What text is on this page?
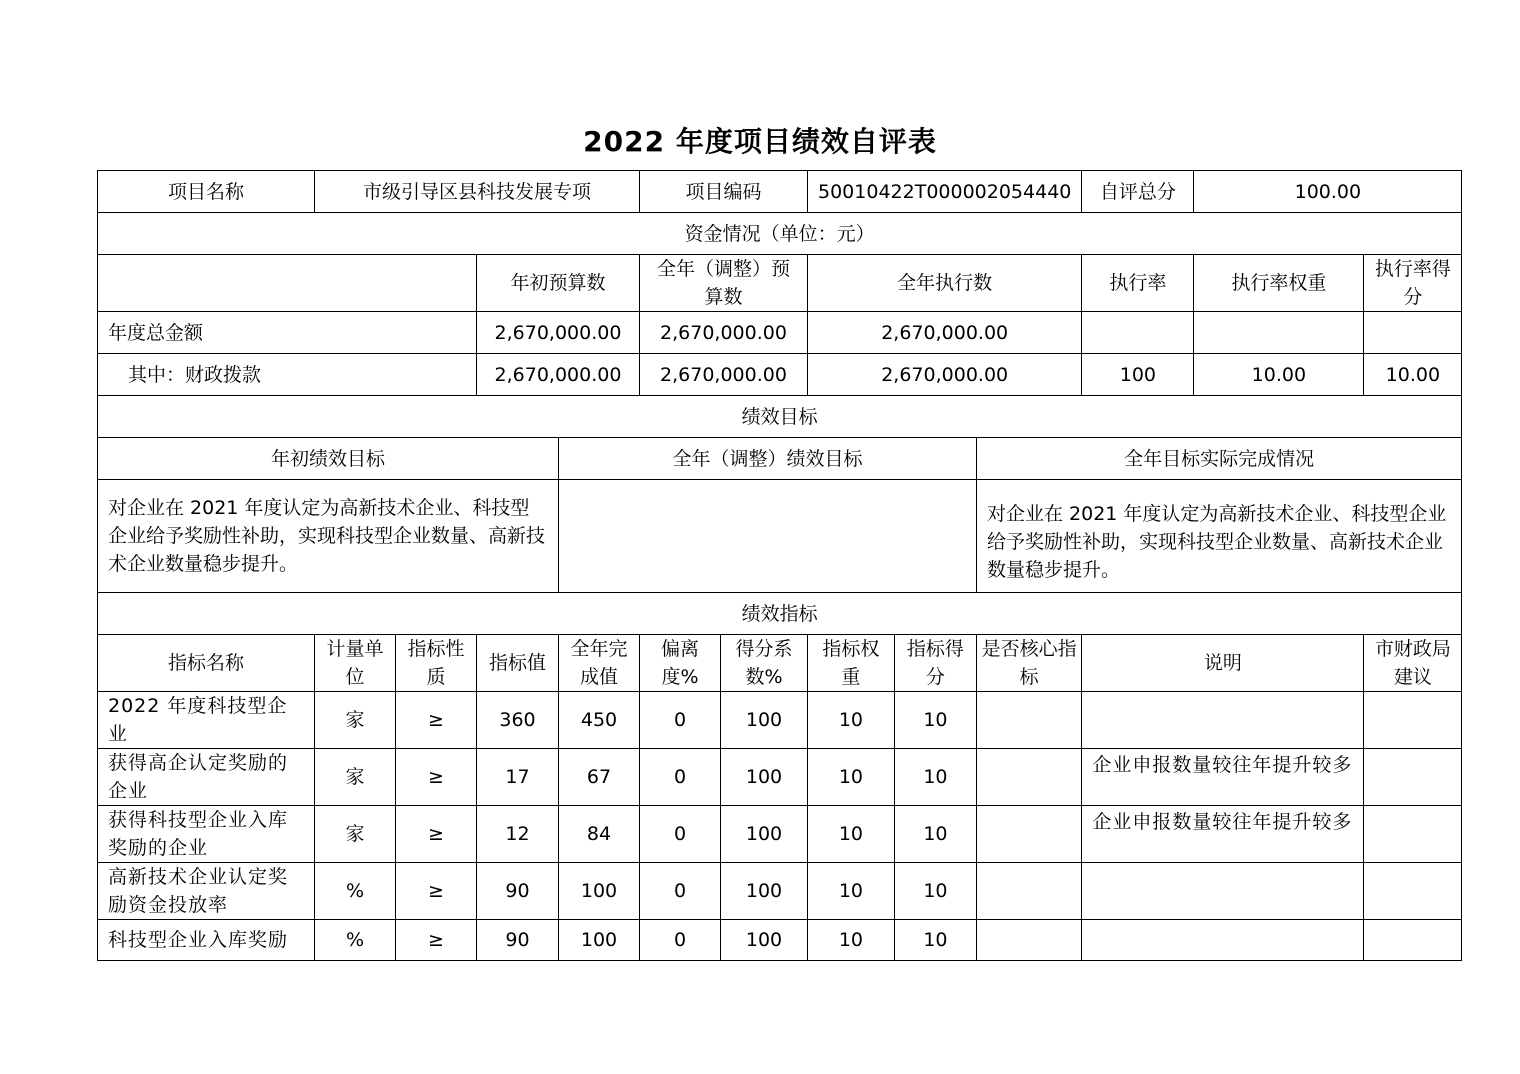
2022 年度项目绩效自评表
项目名称	市级引导区县科技发展专项				项目编码		50010422T000002054440			自评总分	100.00	
资金情况（单位：元）												
			年初预算数		全年（调整）预算数		全年执行数			执行率	执行率权重	执行率得分
年度总金额			2,670,000.00		2,670,000.00		2,670,000.00					
其中：财政拨款			2,670,000.00		2,670,000.00		2,670,000.00			100	10.00	10.00
绩效目标												
年初绩效目标				全年（调整）绩效目标					全年目标实际完成情况			
对企业在 2021 年度认定为高新技术企业、科技型企业给予奖励性补助，实现科技型企业数量、高新技术企业数量稳步提升。									对企业在 2021 年度认定为高新技术企业、科技型企业给予奖励性补助，实现科技型企业数量、高新技术企业数量稳步提升。			
绩效指标												
指标名称	计量单位	指标性质	指标值	全年完成值	偏离度%	得分系数%	指标权重	指标得分	是否核心指标	说明		市财政局建议
2022 年度科技型企业	家	≥	360	450	0	100	10	10				
获得高企认定奖励的企业	家	≥	17	67	0	100	10	10		企业申报数量较往年提升较多		
获得科技型企业入库奖励的企业	家	≥	12	84	0	100	10	10		企业申报数量较往年提升较多		
高新技术企业认定奖励资金投放率	%	≥	90	100	0	100	10	10				
科技型企业入库奖励	%	≥	90	100	0	100	10	10				
